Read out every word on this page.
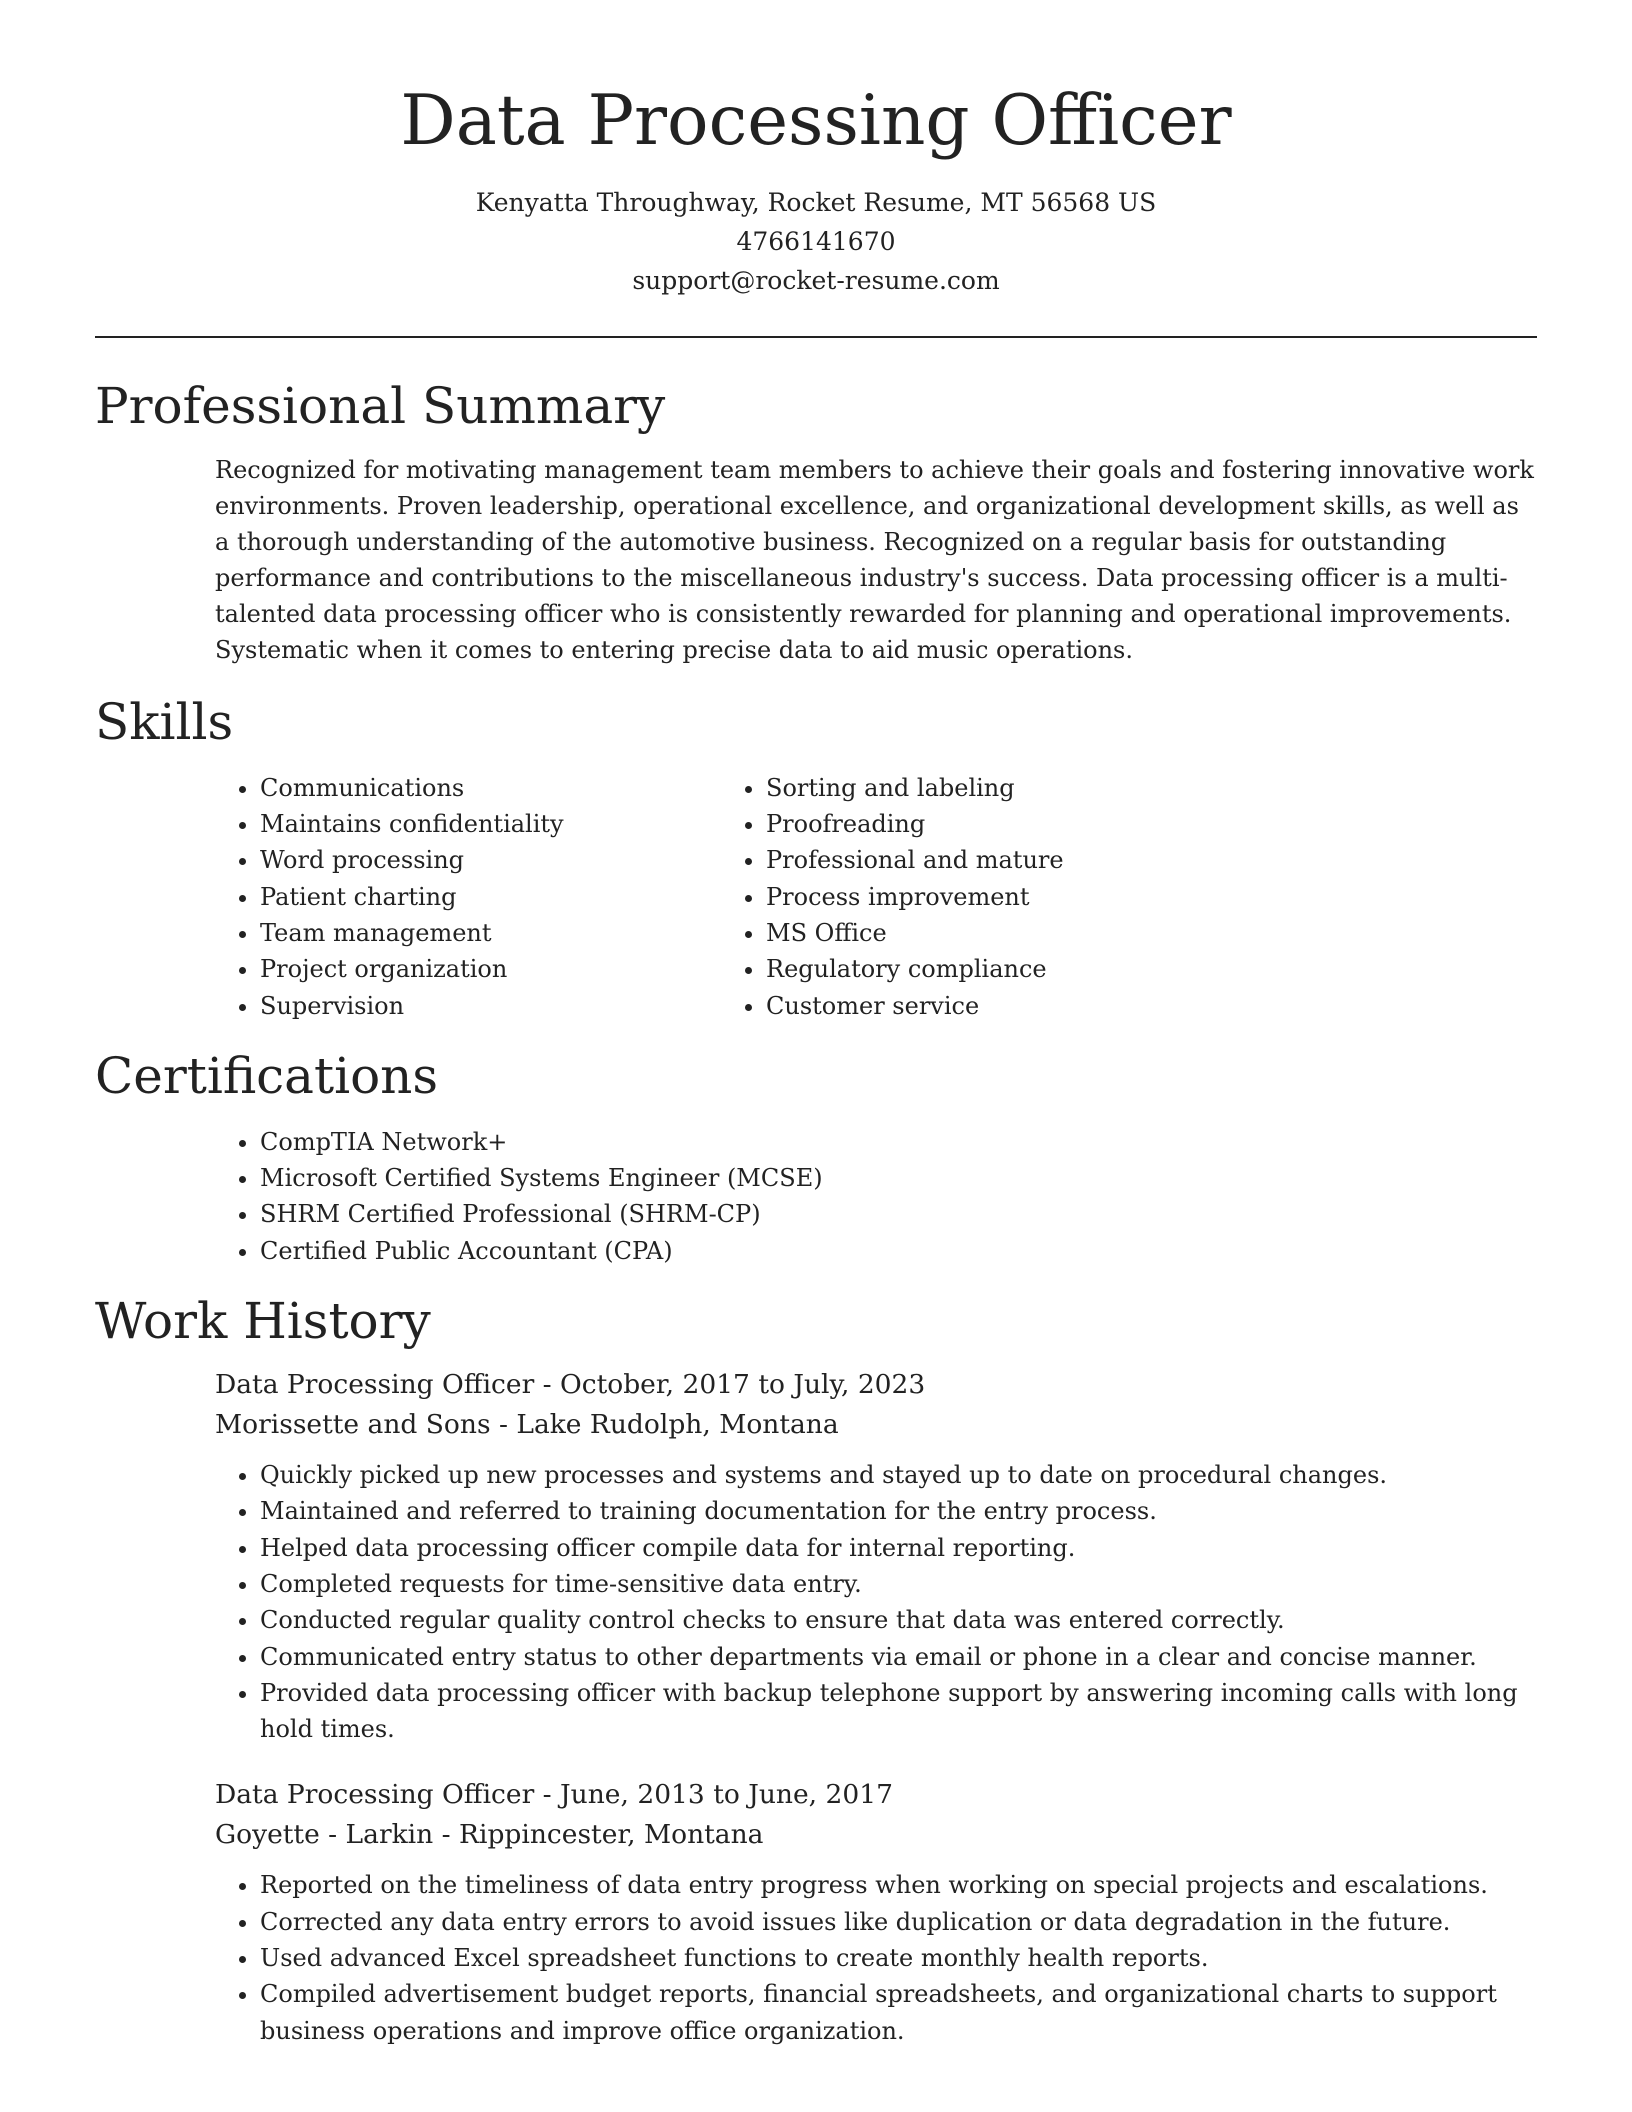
Data Processing Officer
Kenyatta Throughway, Rocket Resume, MT 56568 US
4766141670
support@rocket-resume.com
Professional Summary

Recognized for motivating management team members to achieve their goals and fostering innovative work environments. Proven leadership, operational excellence, and organizational development skills, as well as a thorough understanding of the automotive business. Recognized on a regular basis for outstanding performance and contributions to the miscellaneous industry's success. Data processing officer is a multi-talented data processing officer who is consistently rewarded for planning and operational improvements. Systematic when it comes to entering precise data to aid music operations.

Skills
• Communications
• Maintains confidentiality
• Word processing
• Patient charting
• Team management
• Project organization
• Supervision
• Sorting and labeling
• Proofreading
• Professional and mature
• Process improvement
• MS Office
• Regulatory compliance
• Customer service
Certifications
• CompTIA Network+
• Microsoft Certified Systems Engineer (MCSE)
• SHRM Certified Professional (SHRM-CP)
• Certified Public Accountant (CPA)
Work History
Data Processing Officer - October, 2017 to July, 2023
Morissette and Sons - Lake Rudolph, Montana
• Quickly picked up new processes and systems and stayed up to date on procedural changes.
• Maintained and referred to training documentation for the entry process.
• Helped data processing officer compile data for internal reporting.
• Completed requests for time-sensitive data entry.
• Conducted regular quality control checks to ensure that data was entered correctly.
• Communicated entry status to other departments via email or phone in a clear and concise manner.
• Provided data processing officer with backup telephone support by answering incoming calls with long hold times.
Data Processing Officer - June, 2013 to June, 2017
Goyette - Larkin - Rippincester, Montana
• Reported on the timeliness of data entry progress when working on special projects and escalations.
• Corrected any data entry errors to avoid issues like duplication or data degradation in the future.
• Used advanced Excel spreadsheet functions to create monthly health reports.
• Compiled advertisement budget reports, financial spreadsheets, and organizational charts to support business operations and improve office organization.
